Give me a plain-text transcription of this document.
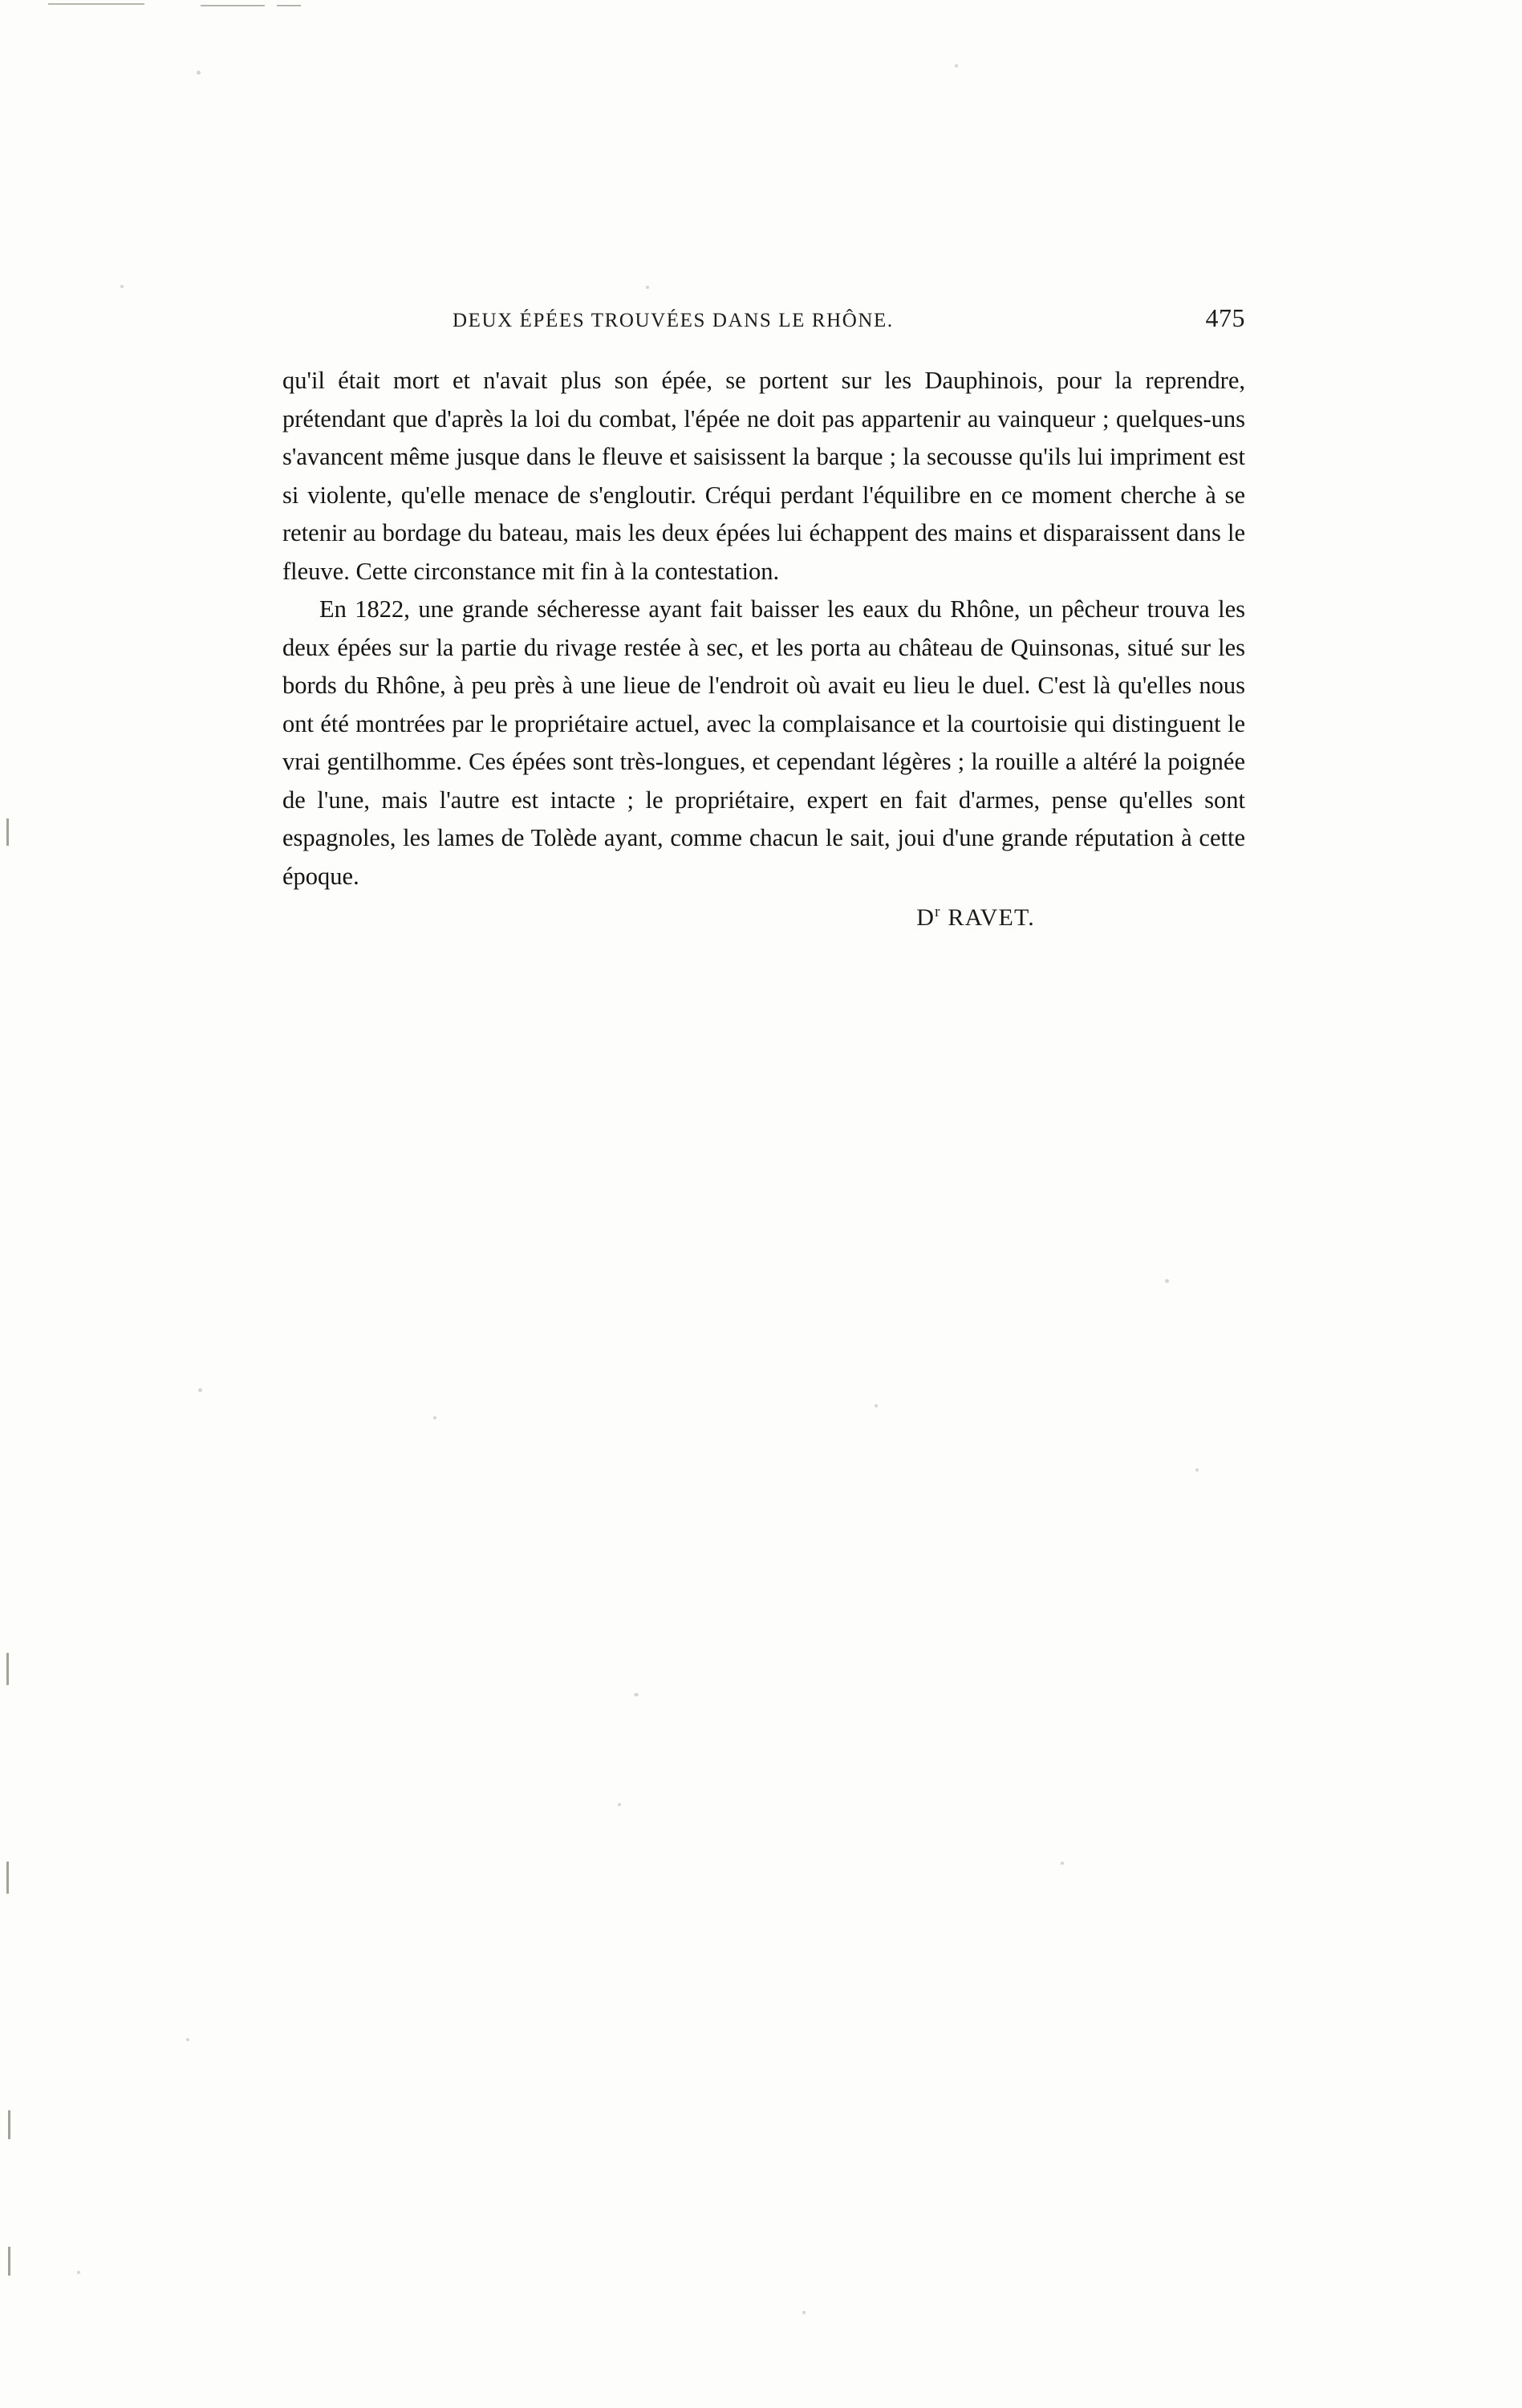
DEUX ÉPÉES TROUVÉES DANS LE RHÔNE.	475

qu'il était mort et n'avait plus son épée, se portent sur les Dauphinois, pour la reprendre, prétendant que d'après la loi du combat, l'épée ne doit pas appartenir au vainqueur ; quelques-uns s'avancent même jusque dans le fleuve et saisissent la barque ; la secousse qu'ils lui impriment est si violente, qu'elle menace de s'engloutir. Créqui perdant l'équilibre en ce moment cherche à se retenir au bordage du bateau, mais les deux épées lui échappent des mains et disparaissent dans le fleuve. Cette circonstance mit fin à la contestation.

En 1822, une grande sécheresse ayant fait baisser les eaux du Rhône, un pêcheur trouva les deux épées sur la partie du rivage restée à sec, et les porta au château de Quinsonas, situé sur les bords du Rhône, à peu près à une lieue de l'endroit où avait eu lieu le duel. C'est là qu'elles nous ont été montrées par le propriétaire actuel, avec la complaisance et la courtoisie qui distinguent le vrai gentilhomme. Ces épées sont très-longues, et cependant légères ; la rouille a altéré la poignée de l'une, mais l'autre est intacte ; le propriétaire, expert en fait d'armes, pense qu'elles sont espagnoles, les lames de Tolède ayant, comme chacun le sait, joui d'une grande réputation à cette époque.

$D^r$ RAVET.
